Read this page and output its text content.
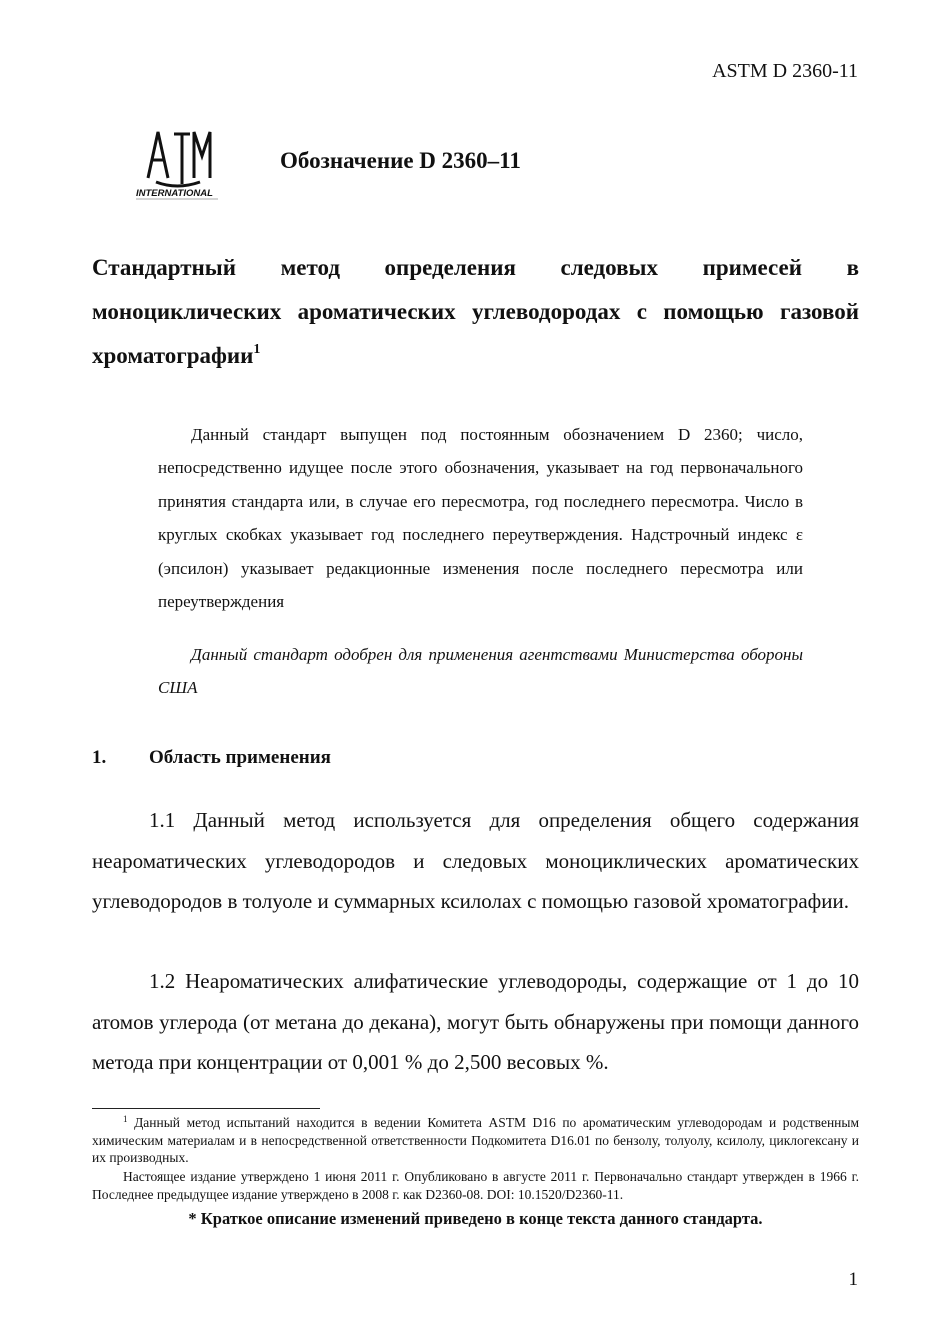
ASTM D 2360-11
INTERNATIONAL
Обозначение D 2360–11
Стандартный метод определения следовых примесей в моноциклических ароматических углеводородах с помощью газовой хроматографии$^1$

Данный стандарт выпущен под постоянным обозначением D 2360; число, непосредственно идущее после этого обозначения, указывает на год первоначального принятия стандарта или, в случае его пересмотра, год последнего пересмотра. Число в круглых скобках указывает год последнего переутверждения. Надстрочный индекс ε (эпсилон) указывает редакционные изменения после последнего пересмотра или переутверждения

Данный стандарт одобрен для применения агентствами Министерства обороны США

1. Область применения

1.1 Данный метод используется для определения общего содержания неароматических углеводородов и следовых моноциклических ароматических углеводородов в толуоле и суммарных ксилолах с помощью газовой хроматографии.

1.2 Неароматических алифатические углеводороды, содержащие от 1 до 10 атомов углерода (от метана до декана), могут быть обнаружены при помощи данного метода при концентрации от 0,001 % до 2,500 весовых %.

$^1$ Данный метод испытаний находится в ведении Комитета ASTM D16 по ароматическим углеводородам и родственным химическим материалам и в непосредственной ответственности Подкомитета D16.01 по бензолу, толуолу, ксилолу, циклогексану и их производных.

Настоящее издание утверждено 1 июня 2011 г. Опубликовано в августе 2011 г. Первоначально стандарт утвержден в 1966 г. Последнее предыдущее издание утверждено в 2008 г. как D2360-08. DOI: 10.1520/D2360-11.

* Краткое описание изменений приведено в конце текста данного стандарта.
1
